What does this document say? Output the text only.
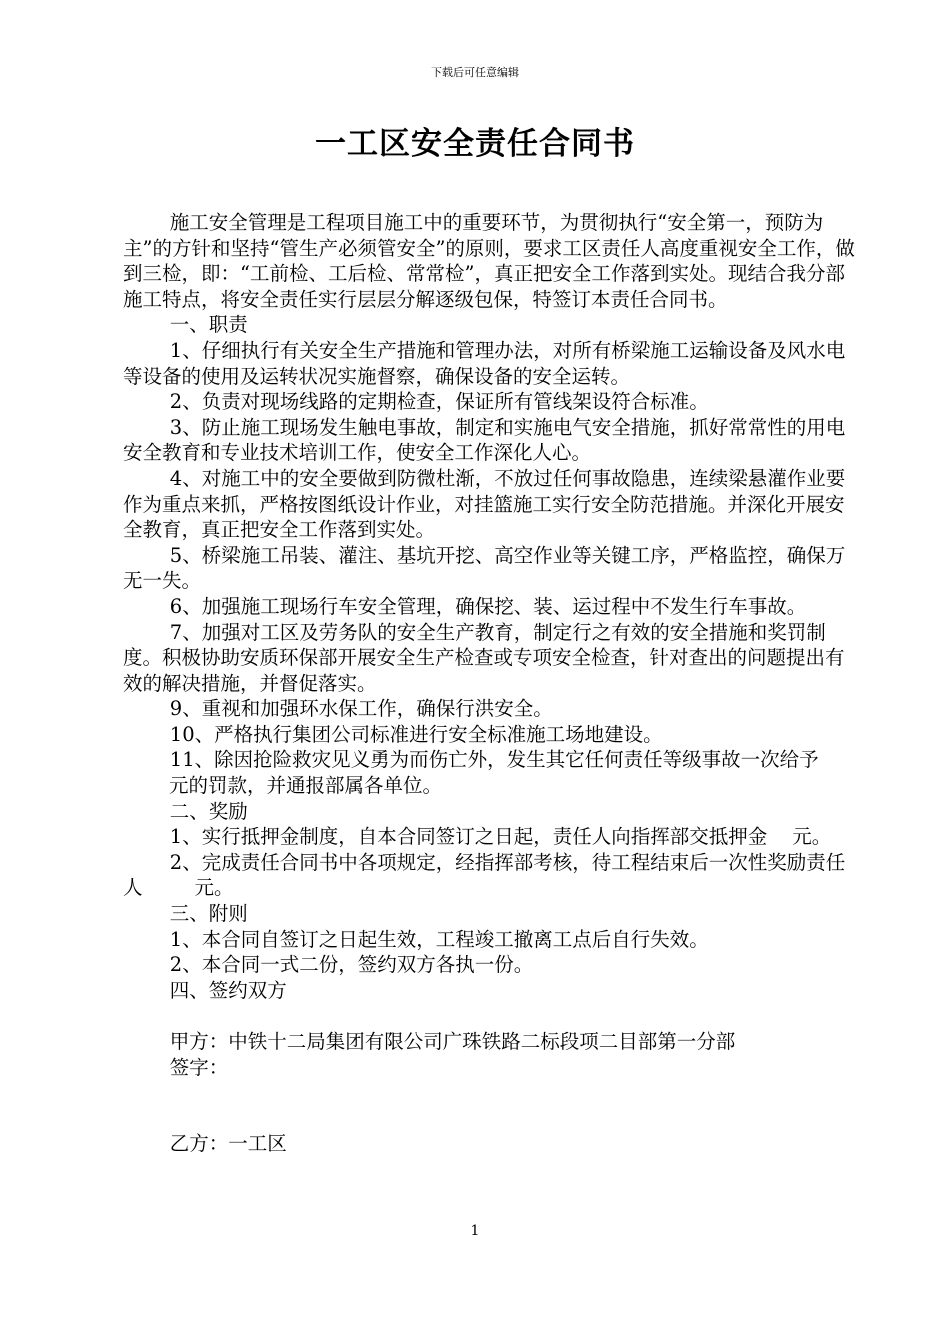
下载后可任意编辑
一工区安全责任合同书

施工安全管理是工程项目施工中的重要环节，为贯彻执行“安全第一，预防为主”的方针和坚持“管生产必须管安全”的原则，要求工区责任人高度重视安全工作，做到三检，即：“工前检、工后检、常常检”，真正把安全工作落到实处。现结合我分部施工特点，将安全责任实行层层分解逐级包保，特签订本责任合同书。

一、职责

1、仔细执行有关安全生产措施和管理办法，对所有桥梁施工运输设备及风水电等设备的使用及运转状况实施督察，确保设备的安全运转。

2、负责对现场线路的定期检查，保证所有管线架设符合标准。

3、防止施工现场发生触电事故，制定和实施电气安全措施，抓好常常性的用电安全教育和专业技术培训工作，使安全工作深化人心。

4、对施工中的安全要做到防微杜渐，不放过任何事故隐患，连续梁悬灌作业要作为重点来抓，严格按图纸设计作业，对挂篮施工实行安全防范措施。并深化开展安全教育，真正把安全工作落到实处。

5、桥梁施工吊装、灌注、基坑开挖、高空作业等关键工序，严格监控，确保万无一失。

6、加强施工现场行车安全管理，确保挖、装、运过程中不发生行车事故。

7、加强对工区及劳务队的安全生产教育，制定行之有效的安全措施和奖罚制度。积极协助安质环保部开展安全生产检查或专项安全检查，针对查出的问题提出有效的解决措施，并督促落实。

9、重视和加强环水保工作，确保行洪安全。

10、严格执行集团公司标准进行安全标准施工场地建设。

11、除因抢险救灾见义勇为而伤亡外，发生其它任何责任等级事故一次给予元的罚款，并通报部属各单位。

二、奖励

1、实行抵押金制度，自本合同签订之日起，责任人向指挥部交抵押金 元。

2、完成责任合同书中各项规定，经指挥部考核，待工程结束后一次性奖励责任人	元。

三、附则

1、本合同自签订之日起生效，工程竣工撤离工点后自行失效。

2、本合同一式二份，签约双方各执一份。

四、签约双方

甲方：中铁十二局集团有限公司广珠铁路二标段项二目部第一分部

签字：

乙方：一工区

1
